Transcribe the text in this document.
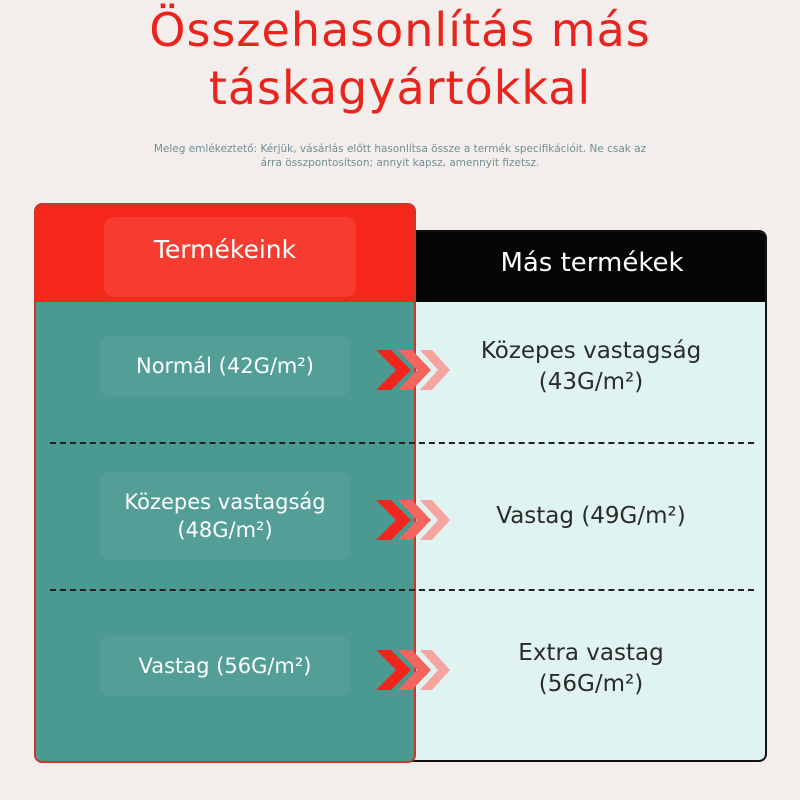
Összehasonlítás más
táskagyártókkal
Meleg emlékeztető: Kérjük, vásárlás előtt hasonlítsa össze a termék specifikációit. Ne csak az
árra összpontosítson; annyit kapsz, amennyit fizetsz.
Más termékek
Termékeink
Normál (42G/m²)
Közepes vastagság
(43G/m²)
Közepes vastagság
(48G/m²)
Vastag (49G/m²)
Vastag (56G/m²)	Extra vastag
(56G/m²)
